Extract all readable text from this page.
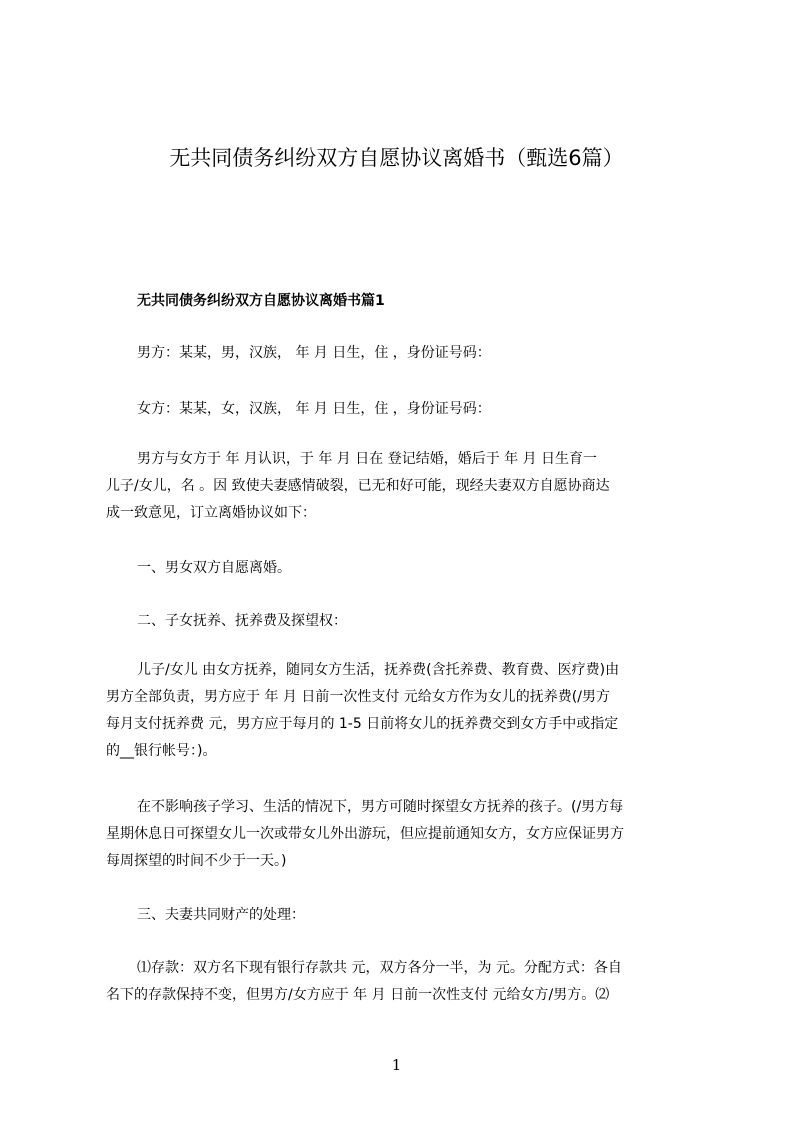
无共同债务纠纷双方自愿协议离婚书（甄选6篇）
无共同债务纠纷双方自愿协议离婚书篇1
男方：某某，男，汉族， 年 月 日生，住 ，身份证号码：
女方：某某，女，汉族， 年 月 日生，住 ，身份证号码：
男方与女方于 年 月认识，于 年 月 日在 登记结婚，婚后于 年 月 日生育一
儿子/女儿，名 。因 致使夫妻感情破裂，已无和好可能，现经夫妻双方自愿协商达
成一致意见，订立离婚协议如下：
一、男女双方自愿离婚。
二、子女抚养、抚养费及探望权：
儿子/女儿 由女方抚养，随同女方生活，抚养费(含托养费、教育费、医疗费)由
男方全部负责，男方应于 年 月 日前一次性支付 元给女方作为女儿的抚养费(/男方
每月支付抚养费 元，男方应于每月的 1-5 日前将女儿的抚养费交到女方手中或指定
的__银行帐号：)。
在不影响孩子学习、生活的情况下，男方可随时探望女方抚养的孩子。(/男方每
星期休息日可探望女儿一次或带女儿外出游玩，但应提前通知女方，女方应保证男方
每周探望的时间不少于一天。)
三、夫妻共同财产的处理：
⑴存款：双方名下现有银行存款共 元，双方各分一半，为 元。分配方式：各自
名下的存款保持不变，但男方/女方应于 年 月 日前一次性支付 元给女方/男方。⑵
1
